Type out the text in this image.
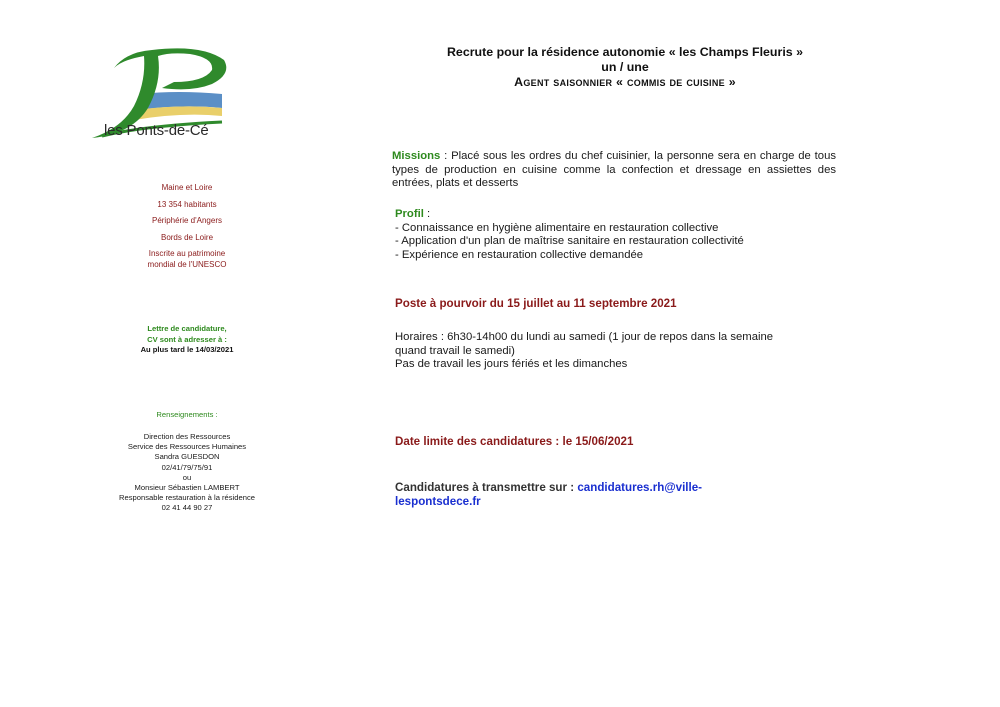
les Ponts-de-Cé
Maine et Loire
13 354 habitants
Périphérie d'Angers
Bords de Loire
Inscrite au patrimoine
mondial de l'UNESCO
Lettre de candidature,
CV sont à adresser à :
Au plus tard le 14/03/2021
Renseignements :
Direction des Ressources
Service des Ressources Humaines
Sandra GUESDON
02/41/79/75/91
ou
Monsieur Sébastien LAMBERT
Responsable restauration à la résidence
02 41 44 90 27
Recrute pour la résidence autonomie « les Champs Fleuris »
un / une
Agent saisonnier « commis de cuisine »
Missions : Placé sous les ordres du chef cuisinier, la personne sera en charge de tous types de production en cuisine comme la confection et dressage en assiettes des entrées, plats et desserts
Profil :
- Connaissance en hygiène alimentaire en restauration collective
- Application d'un plan de maîtrise sanitaire en restauration collectivité
- Expérience en restauration collective demandée
Poste à pourvoir du 15 juillet au 11 septembre 2021
Horaires : 6h30-14h00 du lundi au samedi (1 jour de repos dans la semaine
quand travail le samedi)
Pas de travail les jours fériés et les dimanches
Date limite des candidatures : le 15/06/2021
Candidatures à transmettre sur : candidatures.rh@ville-
lespontsdece.fr
